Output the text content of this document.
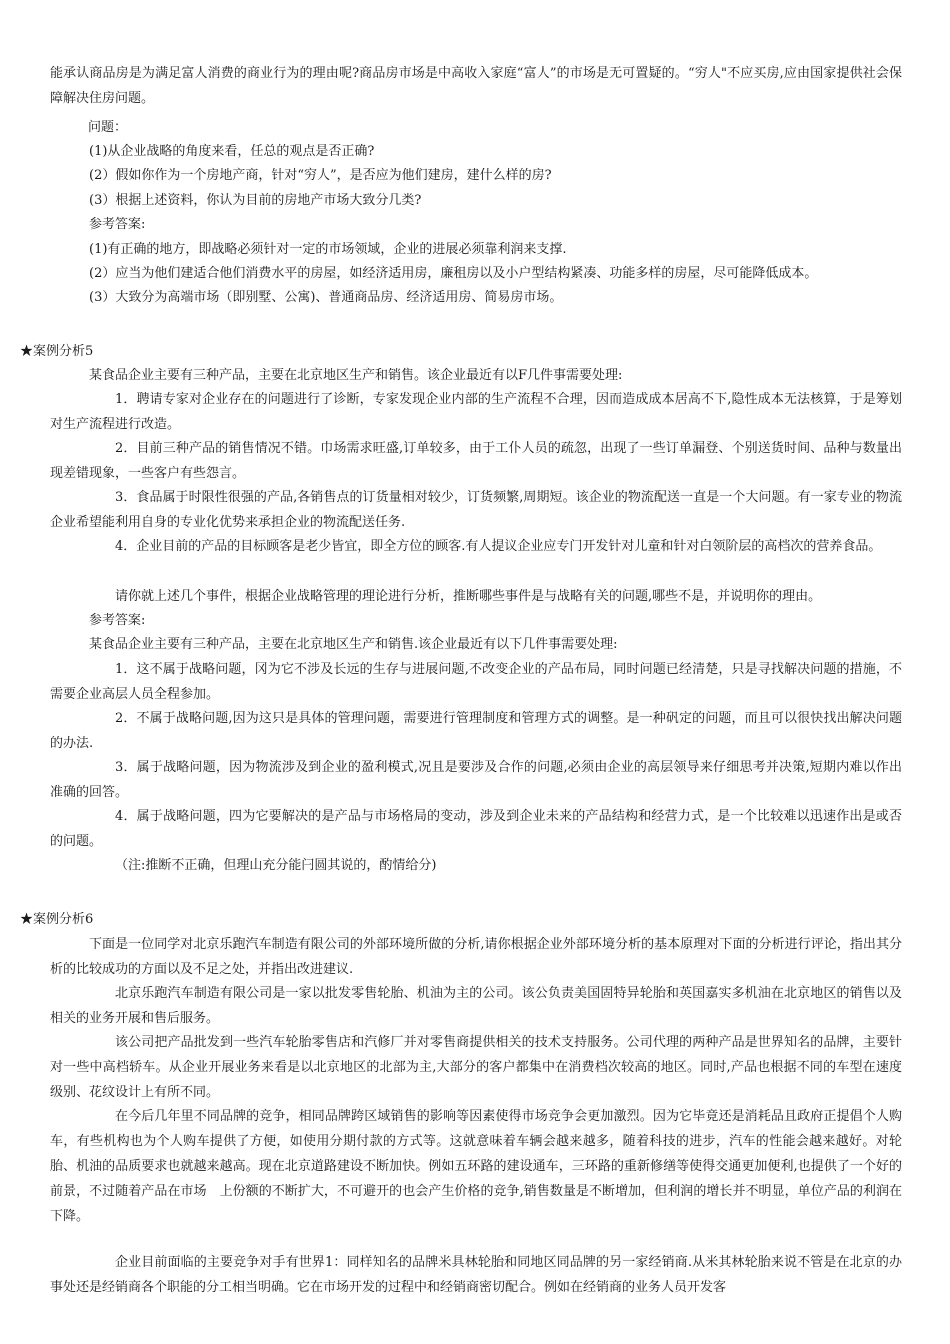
能承认商品房是为满足富人消费的商业行为的理由呢?商品房市场是中高收入家庭“富人”的市场是无可置疑的。“穷人"不应买房,应由国家提供社会保障解决住房问题。

问题：

(1)从企业战略的角度来看，任总的观点是否正确?

(2）假如你作为一个房地产商，针对“穷人”，是否应为他们建房，建什么样的房?

(3）根据上述资料，你认为目前的房地产市场大致分几类?

参考答案:

(1)有正确的地方，即战略必须针对一定的市场领域，企业的进展必须靠利润来支撑.

(2）应当为他们建适合他们消费水平的房屋，如经济适用房，廉租房以及小户型结构紧凑、功能多样的房屋，尽可能降低成本。

(3）大致分为高端市场（即别墅、公寓)、普通商品房、经济适用房、简易房市场。

★案例分析5

某食品企业主要有三种产品，主要在北京地区生产和销售。该企业最近有以F几件事需要处理:

1．聘请专家对企业存在的问题进行了诊断，专家发现企业内部的生产流程不合理，因而造成成本居高不下,隐性成本无法核算，于是筹划对生产流程进行改造。

2．目前三种产品的销售情况不错。巾场需求旺盛,订单较多，由于工仆人员的疏忽，出现了一些订单漏登、个别送货时间、品种与数量出现差错现象，一些客户有些怨言。

3．食品属于时限性很强的产品,各销售点的订货量相对较少，订货频繁,周期短。该企业的物流配送一直是一个大问题。有一家专业的物流企业希望能利用自身的专业化优势来承担企业的物流配送任务.

4．企业目前的产品的目标顾客是老少皆宜，即全方位的顾客.有人提议企业应专门开发针对儿童和针对白领阶层的高档次的营养食品。

请你就上述几个事件，根据企业战略管理的理论进行分析，推断哪些事件是与战略有关的问题,哪些不是，并说明你的理由。

参考答案:

某食品企业主要有三种产品，主要在北京地区生产和销售.该企业最近有以下几件事需要处理:

1．这不属于战略问题，冈为它不涉及长远的生存与进展问题,不改变企业的产品布局，同时问题已经清楚，只是寻找解决问题的措施，不需要企业高层人员全程参加。

2．不属于战略问题,因为这只是具体的管理问题，需要进行管理制度和管理方式的调整。是一种矾定的问题，而且可以很快找出解决问题的办法.

3．属于战略问题，因为物流涉及到企业的盈利模式,况且是要涉及合作的问题,必须由企业的高层领导来仔细思考并决策,短期内难以作出准确的回答。

4．属于战略问题，四为它要解决的是产品与市场格局的变动，涉及到企业未来的产品结构和经营力式，是一个比较难以迅速作出是或否的问题。

（注:推断不正确，但理山充分能闩圆其说的，酌情给分)

★案例分析6

下面是一位同学对北京乐跑汽车制造有限公司的外部环境所做的分析,请你根据企业外部环境分析的基本原理对下面的分析进行评论，指出其分析的比较成功的方面以及不足之处，并指出改进建议.

北京乐跑汽车制造有限公司是一家以批发零售轮胎、机油为主的公司。该公负责美国固特异轮胎和英国嘉实多机油在北京地区的销售以及相关的业务开展和售后服务。

该公司把产品批发到一些汽车轮胎零售店和汽修厂并对零售商提供相关的技术支持服务。公司代理的两种产品是世界知名的品牌，主要针对一些中高档轿车。从企业开展业务来看是以北京地区的北部为主,大部分的客户都集中在消费档次较高的地区。同时,产品也根据不同的车型在速度级别、花纹设计上有所不同。

在今后几年里不同品牌的竞争，相同品牌跨区域销售的影响等因素使得市场竞争会更加激烈。因为它毕竟还是消耗品且政府正提倡个人购车，有些机构也为个人购车提供了方便，如使用分期付款的方式等。这就意味着车辆会越来越多，随着科技的进步，汽车的性能会越来越好。对轮胎、机油的品质要求也就越来越高。现在北京道路建设不断加快。例如五环路的建设通车，三环路的重新修缮等使得交通更加便利,也提供了一个好的前景，不过随着产品在市场　上份额的不断扩大，不可避开的也会产生价格的竞争,销售数量是不断增加，但利润的增长并不明显，单位产品的利润在下降。

企业目前面临的主要竞争对手有世界1：同样知名的品牌米具林轮胎和同地区同品牌的另一家经销商.从米其林轮胎来说不管是在北京的办事处还是经销商各个职能的分工相当明确。它在市场开发的过程中和经销商密切配合。例如在经销商的业务人员开发客
